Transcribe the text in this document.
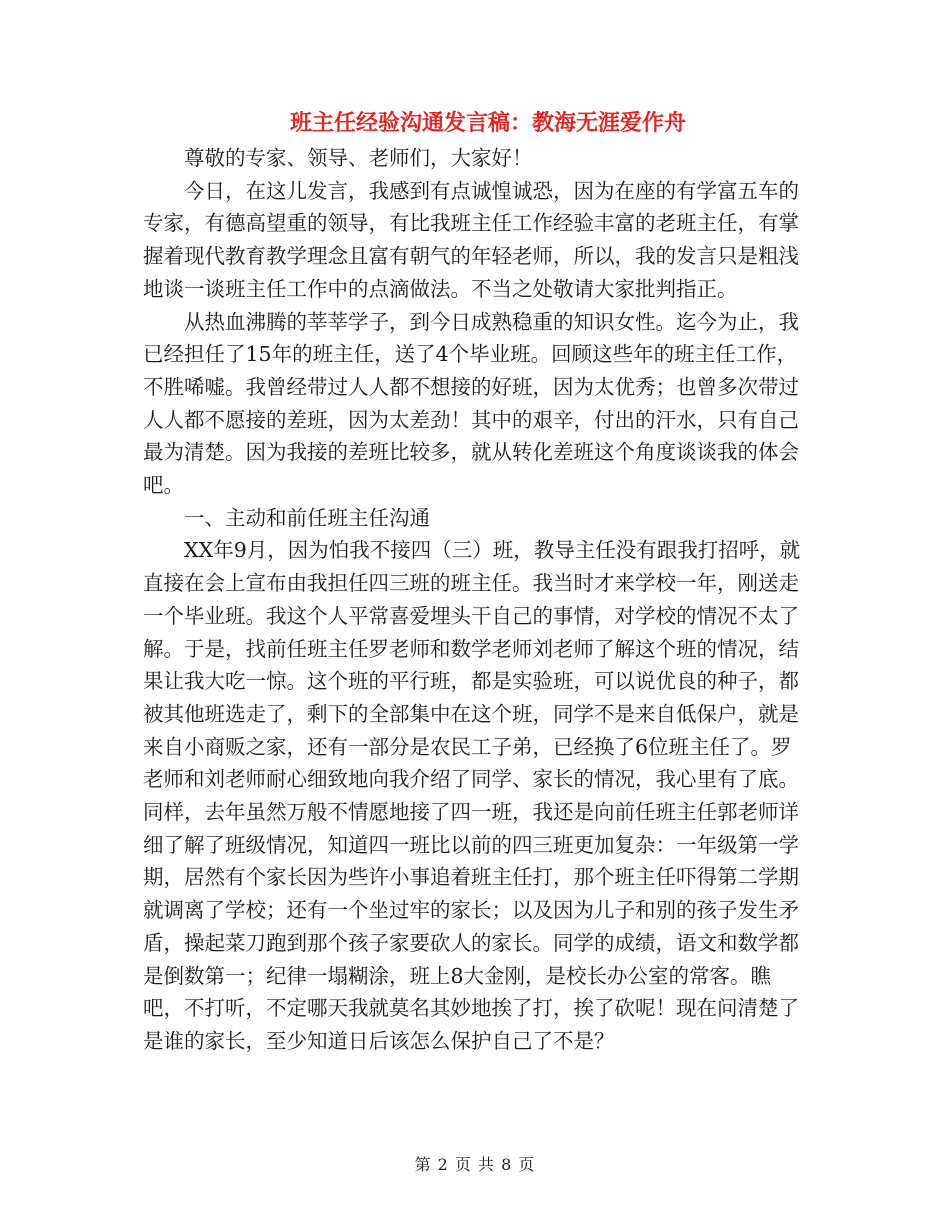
班主任经验沟通发言稿：教海无涯爱作舟

　　尊敬的专家、领导、老师们，大家好！

　　今日，在这儿发言，我感到有点诚惶诚恐，因为在座的有学富五车的专家，有德高望重的领导，有比我班主任工作经验丰富的老班主任，有掌握着现代教育教学理念且富有朝气的年轻老师，所以，我的发言只是粗浅地谈一谈班主任工作中的点滴做法。不当之处敬请大家批判指正。

　　从热血沸腾的莘莘学子，到今日成熟稳重的知识女性。迄今为止，我已经担任了15年的班主任，送了4个毕业班。回顾这些年的班主任工作，不胜唏嘘。我曾经带过人人都不想接的好班，因为太优秀；也曾多次带过人人都不愿接的差班，因为太差劲！其中的艰辛，付出的汗水，只有自己最为清楚。因为我接的差班比较多，就从转化差班这个角度谈谈我的体会吧。

　　一、主动和前任班主任沟通

　　XX年9月，因为怕我不接四（三）班，教导主任没有跟我打招呼，就直接在会上宣布由我担任四三班的班主任。我当时才来学校一年，刚送走一个毕业班。我这个人平常喜爱埋头干自己的事情，对学校的情况不太了解。于是，找前任班主任罗老师和数学老师刘老师了解这个班的情况，结果让我大吃一惊。这个班的平行班，都是实验班，可以说优良的种子，都被其他班选走了，剩下的全部集中在这个班，同学不是来自低保户，就是来自小商贩之家，还有一部分是农民工子弟，已经换了6位班主任了。罗老师和刘老师耐心细致地向我介绍了同学、家长的情况，我心里有了底。同样，去年虽然万般不情愿地接了四一班，我还是向前任班主任郭老师详细了解了班级情况，知道四一班比以前的四三班更加复杂：一年级第一学期，居然有个家长因为些许小事追着班主任打，那个班主任吓得第二学期就调离了学校；还有一个坐过牢的家长；以及因为儿子和别的孩子发生矛盾，操起菜刀跑到那个孩子家要砍人的家长。同学的成绩，语文和数学都是倒数第一；纪律一塌糊涂，班上8大金刚，是校长办公室的常客。瞧吧，不打听，不定哪天我就莫名其妙地挨了打，挨了砍呢！现在问清楚了是谁的家长，至少知道日后该怎么保护自己了不是？

第 2 页 共 8 页
